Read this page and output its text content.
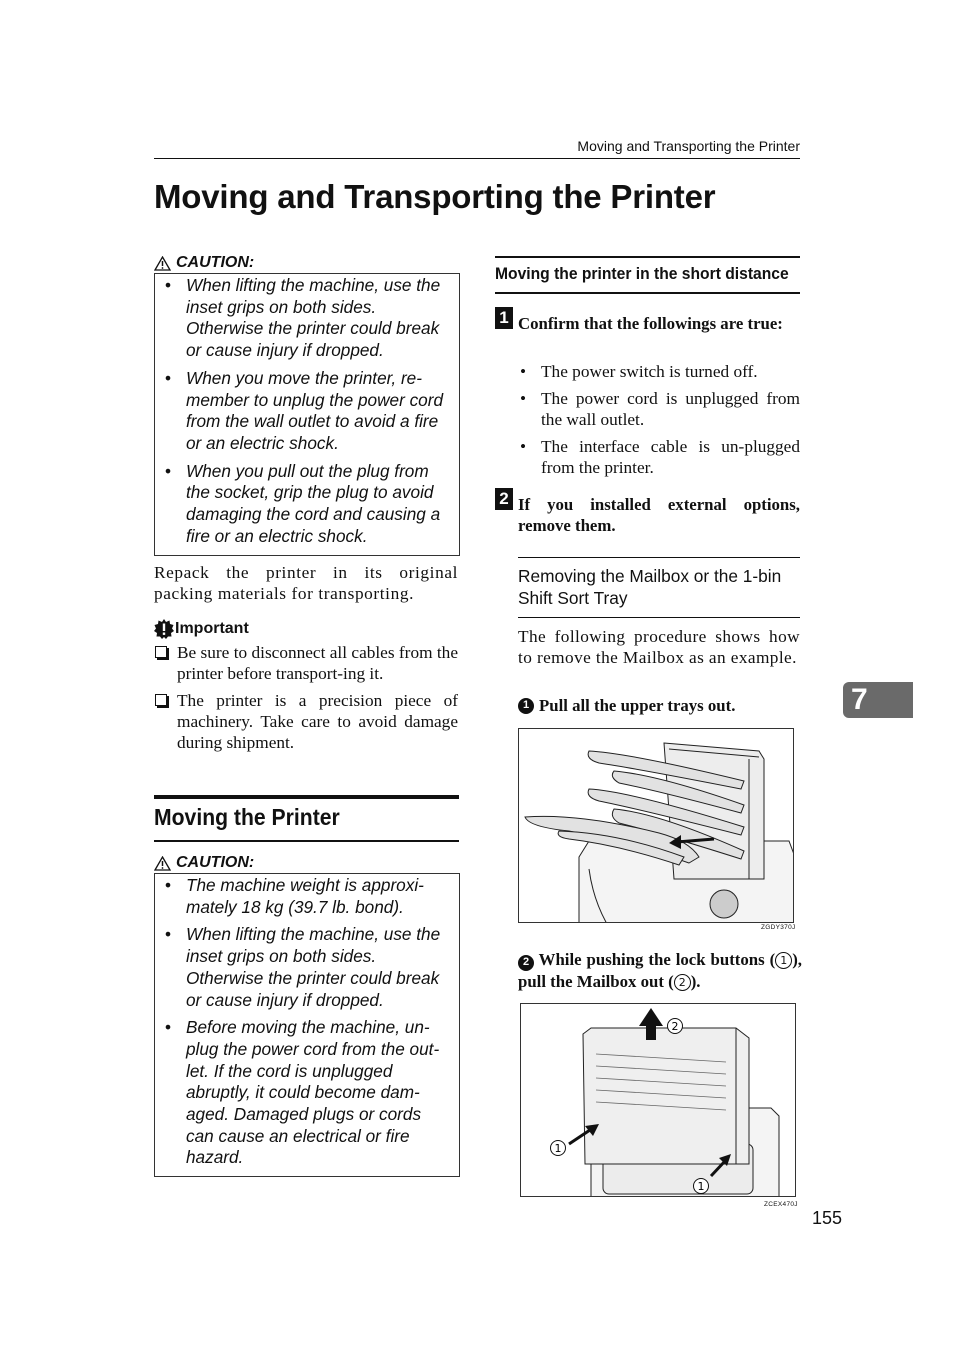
Moving and Transporting the Printer
Moving and Transporting the Printer
CAUTION:
• When lifting the machine, use the inset grips on both sides. Otherwise the printer could break or cause injury if dropped.
• When you move the printer, re-member to unplug the power cord from the wall outlet to avoid a fire or an electric shock.
• When you pull out the plug from the socket, grip the plug to avoid damaging the cord and causing a fire or an electric shock.
Repack the printer in its original packing materials for transporting.
Important
Be sure to disconnect all cables from the printer before transport-ing it.
The printer is a precision piece of machinery. Take care to avoid damage during shipment.
Moving the Printer
CAUTION:
• The machine weight is approxi-mately 18 kg (39.7 lb. bond).
• When lifting the machine, use the inset grips on both sides. Otherwise the printer could break or cause injury if dropped.
• Before moving the machine, un-plug the power cord from the out-let. If the cord is unplugged abruptly, it could become dam-aged. Damaged plugs or cords can cause an electrical or fire hazard.
Moving the printer in the short distance
1 Confirm that the followings are true:
• The power switch is turned off.
• The power cord is unplugged from the wall outlet.
• The interface cable is un-plugged from the printer.
2 If you installed external options, remove them.
Removing the Mailbox or the 1-bin Shift Sort Tray
The following procedure shows how to remove the Mailbox as an example.
1 Pull all the upper trays out.
ZGDY370J
2 While pushing the lock buttons ( 1 ), pull the Mailbox out ( 2 ).
2
1
1
ZCEX470J
7
155
